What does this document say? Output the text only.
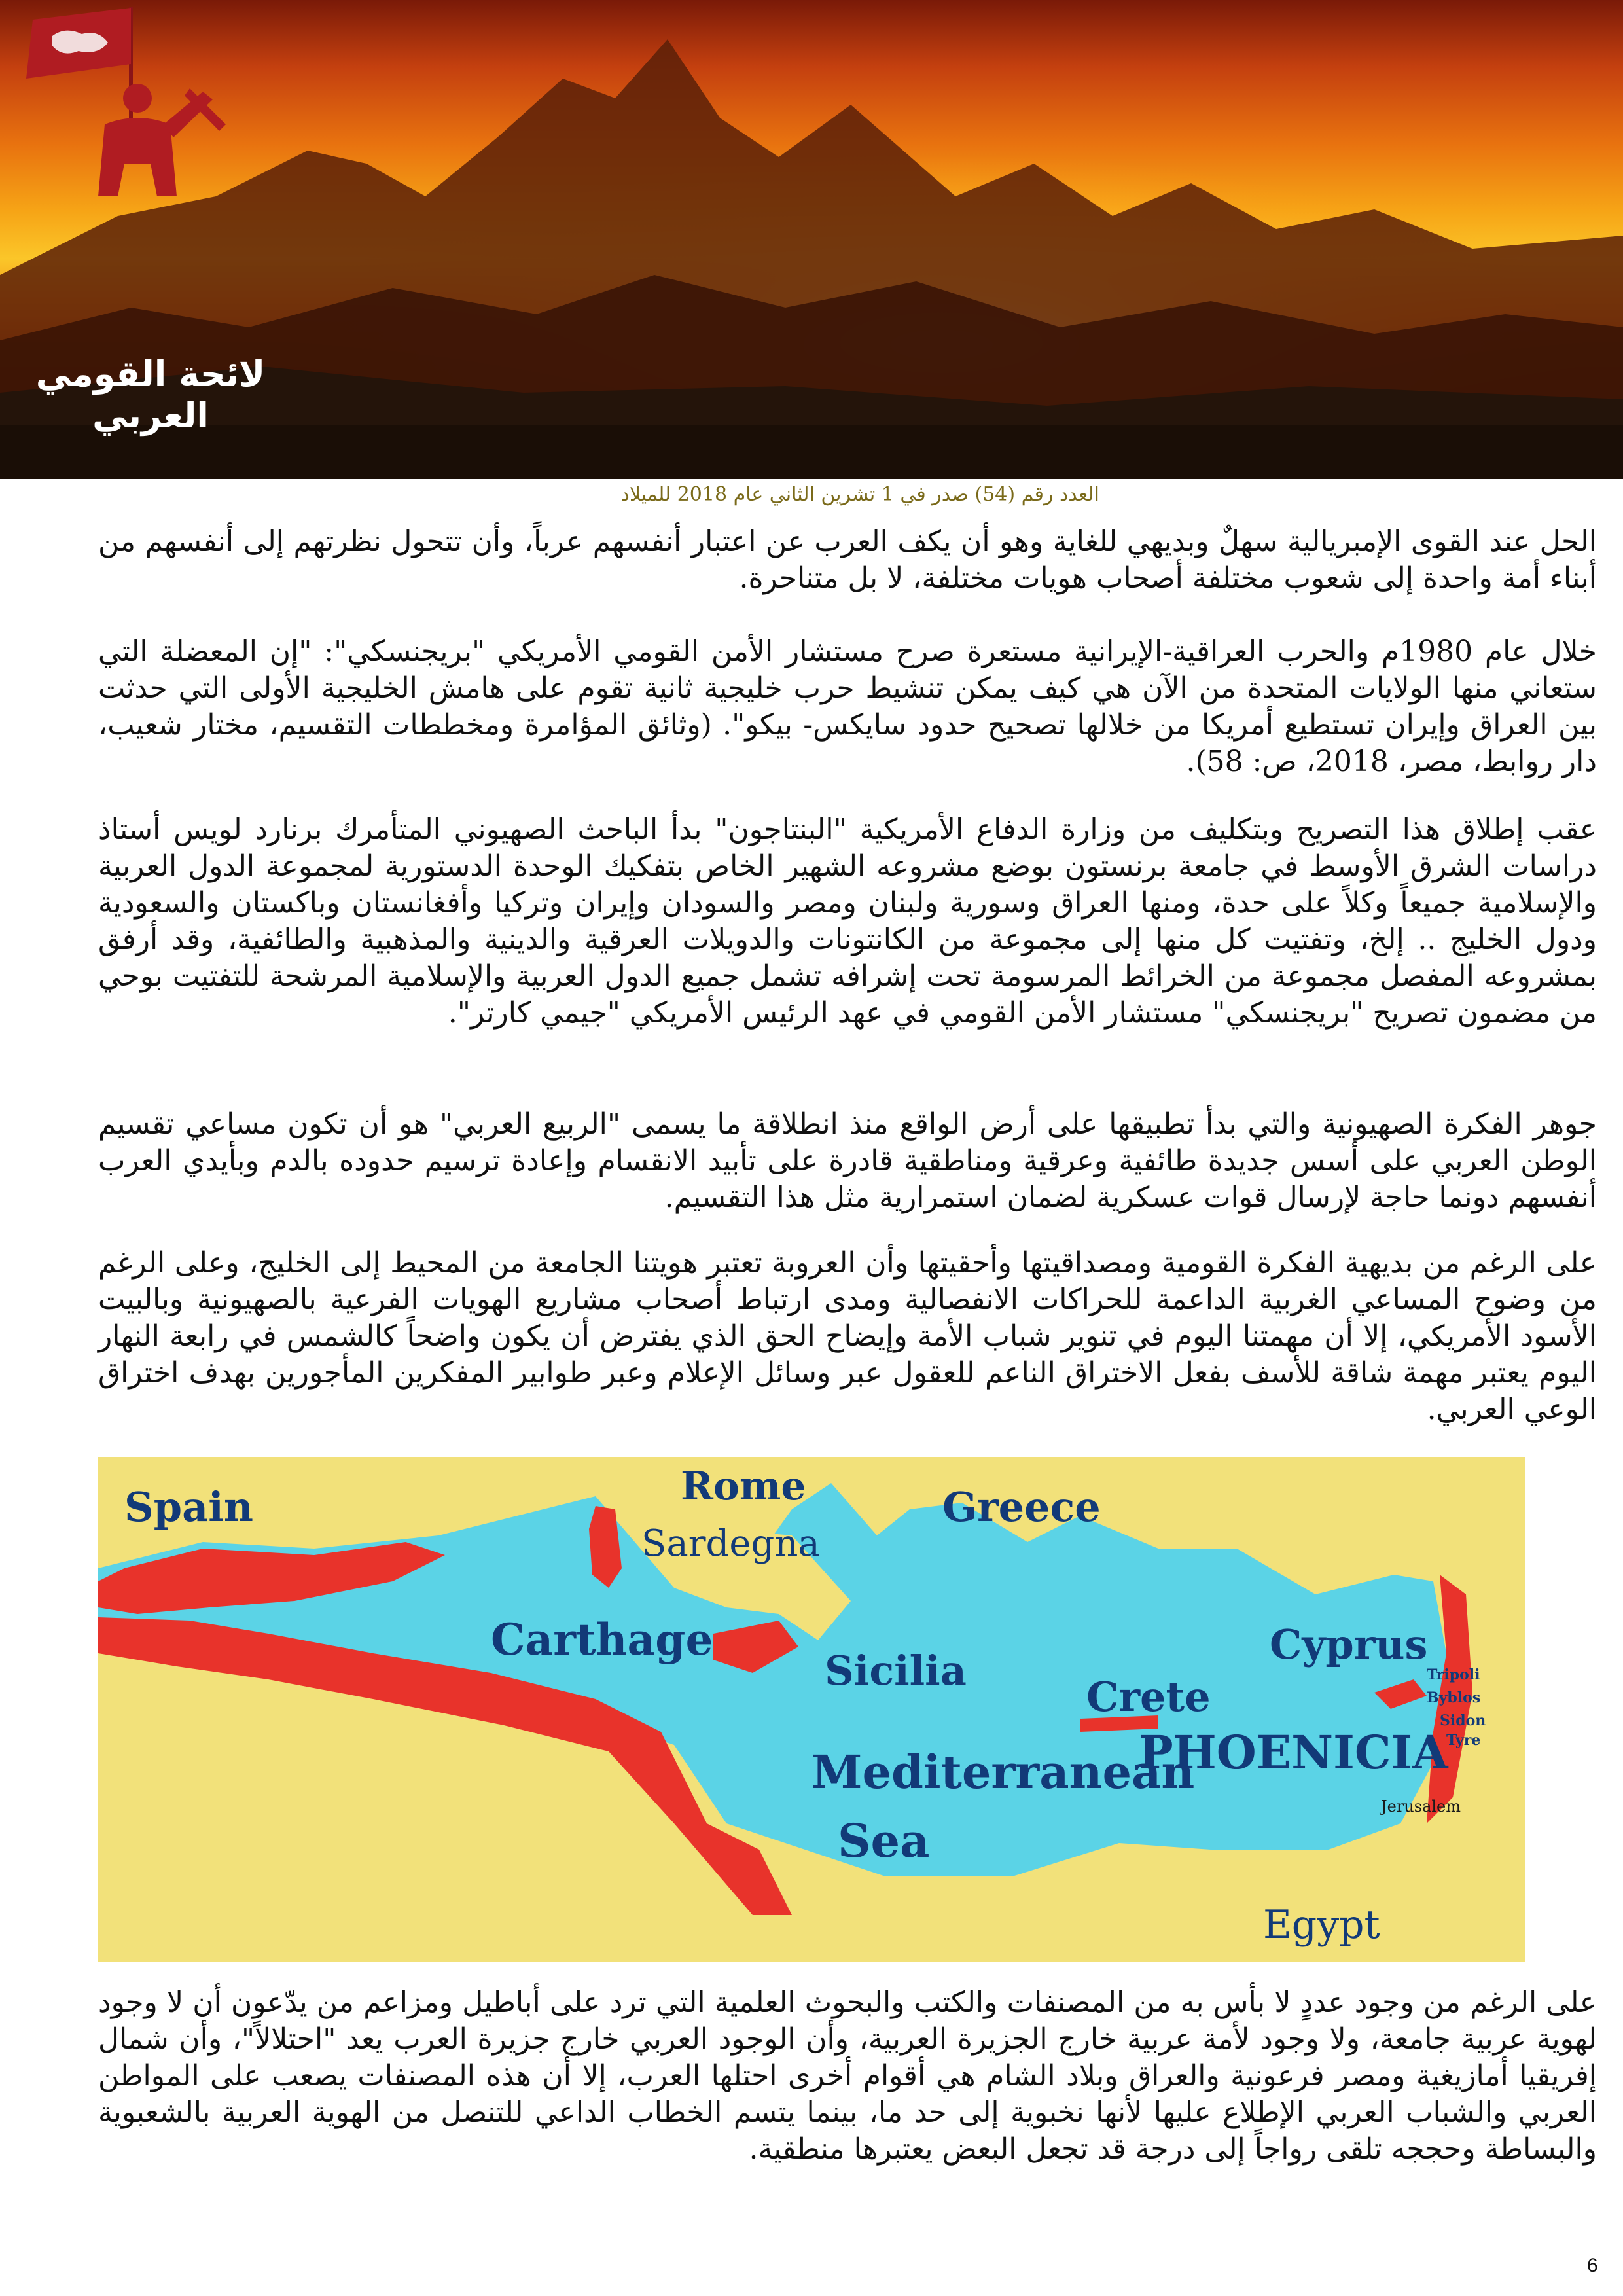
لائحة القومي العربي
العدد رقم (54) صدر في 1 تشرين الثاني عام 2018 للميلاد

الحل عند القوى الإمبريالية سهلٌ وبديهي للغاية وهو أن يكف العرب عن اعتبار أنفسهم عرباً، وأن تتحول نظرتهم إلى أنفسهم من أبناء أمة واحدة إلى شعوب مختلفة أصحاب هويات مختلفة، لا بل متناحرة.

خلال عام 1980م والحرب العراقية-الإيرانية مستعرة صرح مستشار الأمن القومي الأمريكي "بريجنسكي": "إن المعضلة التي ستعاني منها الولايات المتحدة من الآن هي كيف يمكن تنشيط حرب خليجية ثانية تقوم على هامش الخليجية الأولى التي حدثت بين العراق وإيران تستطيع أمريكا من خلالها تصحيح حدود سايكس- بيكو". (وثائق المؤامرة ومخططات التقسيم، مختار شعيب، دار روابط، مصر، 2018، ص: 58).

عقب إطلاق هذا التصريح وبتكليف من وزارة الدفاع الأمريكية "البنتاجون" بدأ الباحث الصهيوني المتأمرك برنارد لويس أستاذ دراسات الشرق الأوسط في جامعة برنستون بوضع مشروعه الشهير الخاص بتفكيك الوحدة الدستورية لمجموعة الدول العربية والإسلامية جميعاً وكلاً على حدة، ومنها العراق وسورية ولبنان ومصر والسودان وإيران وتركيا وأفغانستان وباكستان والسعودية ودول الخليج .. إلخ، وتفتيت كل منها إلى مجموعة من الكانتونات والدويلات العرقية والدينية والمذهبية والطائفية، وقد أرفق بمشروعه المفصل مجموعة من الخرائط المرسومة تحت إشرافه تشمل جميع الدول العربية والإسلامية المرشحة للتفتيت بوحي من مضمون تصريح "بريجنسكي" مستشار الأمن القومي في عهد الرئيس الأمريكي "جيمي كارتر".

جوهر الفكرة الصهيونية والتي بدأ تطبيقها على أرض الواقع منذ انطلاقة ما يسمى "الربيع العربي" هو أن تكون مساعي تقسيم الوطن العربي على أسس جديدة طائفية وعرقية ومناطقية قادرة على تأبيد الانقسام وإعادة ترسيم حدوده بالدم وبأيدي العرب أنفسهم دونما حاجة لإرسال قوات عسكرية لضمان استمرارية مثل هذا التقسيم.

على الرغم من بديهية الفكرة القومية ومصداقيتها وأحقيتها وأن العروبة تعتبر هويتنا الجامعة من المحيط إلى الخليج، وعلى الرغم من وضوح المساعي الغربية الداعمة للحراكات الانفصالية ومدى ارتباط أصحاب مشاريع الهويات الفرعية بالصهيونية وبالبيت الأسود الأمريكي، إلا أن مهمتنا اليوم في تنوير شباب الأمة وإيضاح الحق الذي يفترض أن يكون واضحاً كالشمس في رابعة النهار اليوم يعتبر مهمة شاقة للأسف بفعل الاختراق الناعم للعقول عبر وسائل الإعلام وعبر طوابير المفكرين المأجورين بهدف اختراق الوعي العربي.

Spain	Rome
Sardegna
Greece
Carthage
Sicilia
Cyprus
Crete
Mediterranean
Sea
PHOENICIA
Tripoli
Byblos
Sidon
Tyre
Jerusalem
Egypt

على الرغم من وجود عددٍ لا بأس به من المصنفات والكتب والبحوث العلمية التي ترد على أباطيل ومزاعم من يدّعون أن لا وجود لهوية عربية جامعة، ولا وجود لأمة عربية خارج الجزيرة العربية، وأن الوجود العربي خارج جزيرة العرب يعد "احتلالاً"، وأن شمال إفريقيا أمازيغية ومصر فرعونية والعراق وبلاد الشام هي أقوام أخرى احتلها العرب، إلا أن هذه المصنفات يصعب على المواطن العربي والشباب العربي الإطلاع عليها لأنها نخبوية إلى حد ما، بينما يتسم الخطاب الداعي للتنصل من الهوية العربية بالشعبوية والبساطة وحججه تلقى رواجاً إلى درجة قد تجعل البعض يعتبرها منطقية.

6
